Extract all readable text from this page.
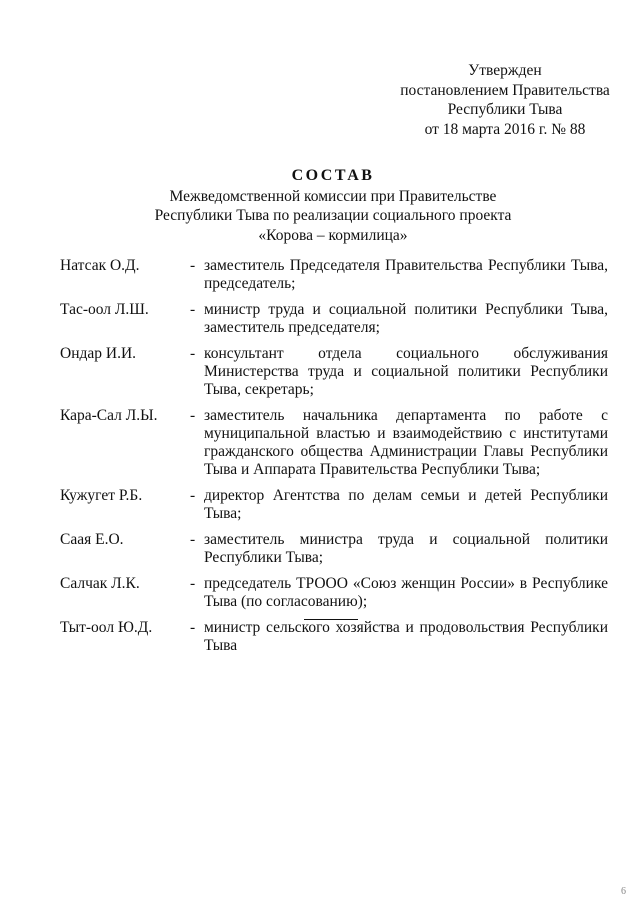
Утвержден
постановлением Правительства
Республики Тыва
от 18 марта 2016 г. № 88
СОСТАВ
Межведомственной комиссии при Правительстве
Республики Тыва по реализации социального проекта
«Корова – кормилица»
Натсак О.Д.	- заместитель Председателя Правительства Республики Тыва, председатель;
Тас-оол Л.Ш.	- министр труда и социальной политики Республики Тыва, заместитель председателя;
Ондар И.И.	- консультант отдела социального обслуживания Министерства труда и социальной политики Республики Тыва, секретарь;
Кара-Сал Л.Ы.	- заместитель начальника департамента по работе с муниципальной властью и взаимодействию с институтами гражданского общества Администрации Главы Республики Тыва и Аппарата Правительства Республики Тыва;
Кужугет Р.Б.	- директор Агентства по делам семьи и детей Республики Тыва;
Саая Е.О.	- заместитель министра труда и социальной политики Республики Тыва;
Салчак Л.К.	- председатель ТРООО «Союз женщин России» в Республике Тыва (по согласованию);
Тыт-оол Ю.Д.	- министр сельского хозяйства и продовольствия Республики Тыва
6
